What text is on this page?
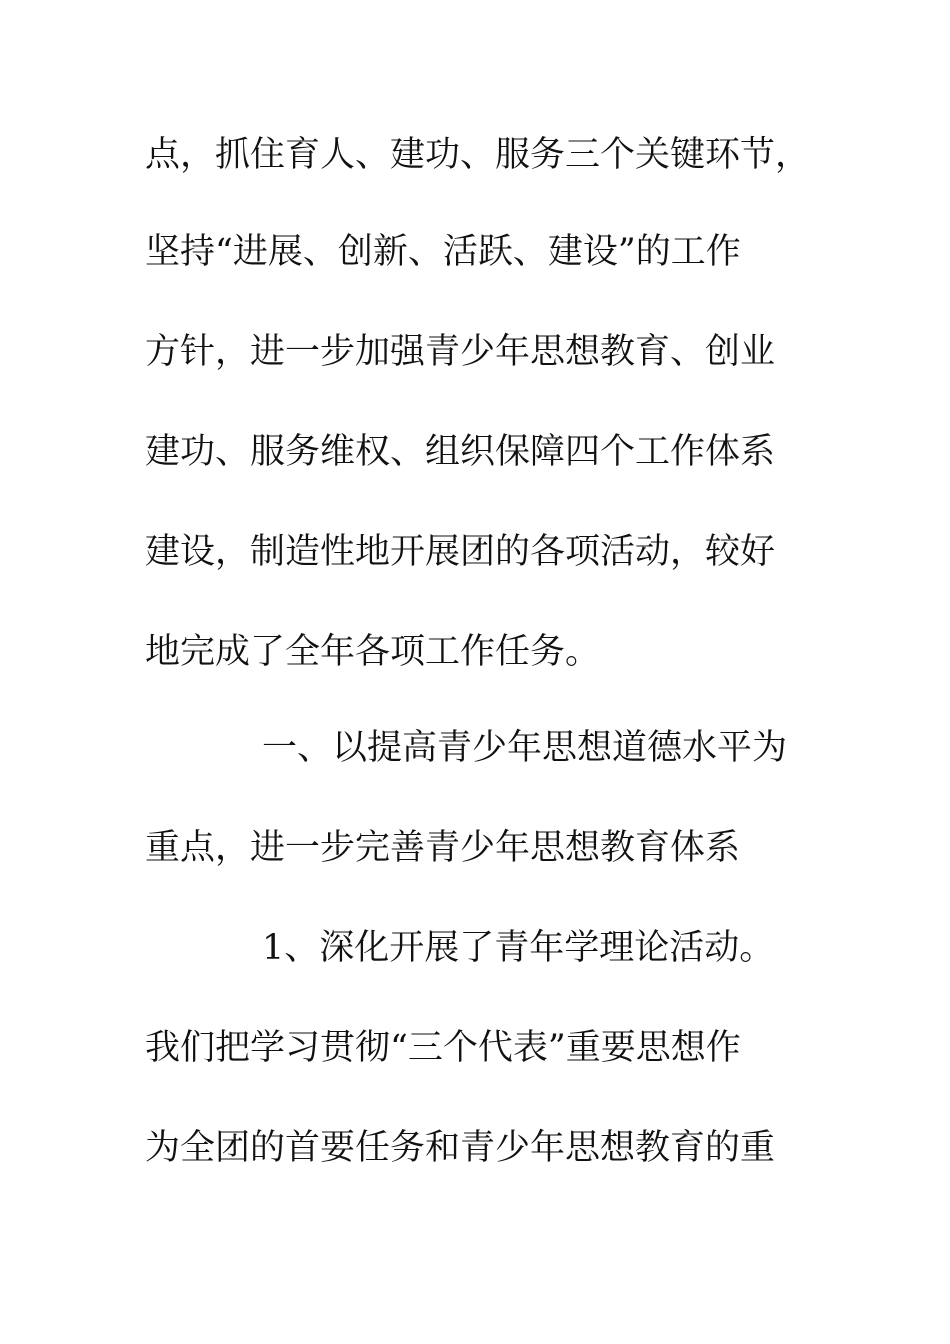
点，抓住育人、建功、服务三个关键环节，
坚持“进展、创新、活跃、建设”的工作
方针，进一步加强青少年思想教育、创业
建功、服务维权、组织保障四个工作体系
建设，制造性地开展团的各项活动，较好
地完成了全年各项工作任务。
一、以提高青少年思想道德水平为
重点，进一步完善青少年思想教育体系
1、深化开展了青年学理论活动。
我们把学习贯彻“三个代表”重要思想作
为全团的首要任务和青少年思想教育的重
